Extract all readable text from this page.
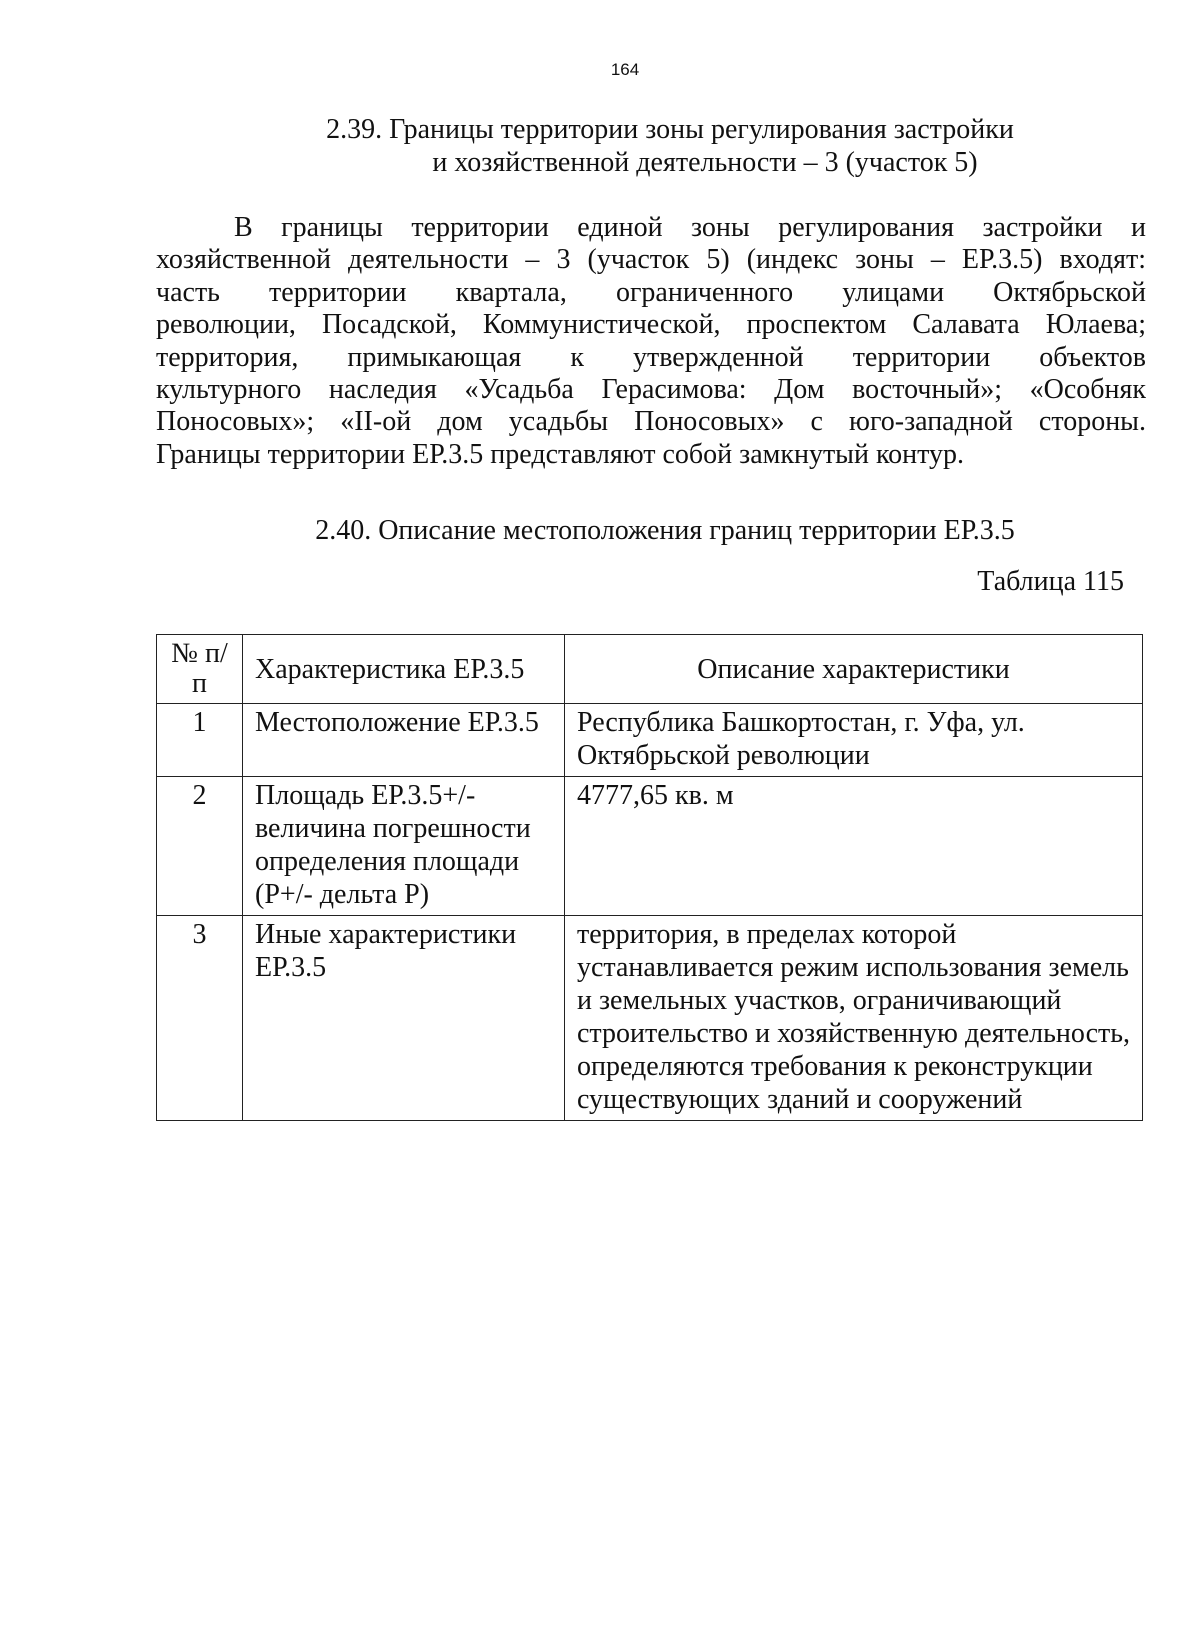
164
2.39. Границы территории зоны регулирования застройки
и хозяйственной деятельности – 3 (участок 5)
В границы территории единой зоны регулирования застройки и
хозяйственной деятельности – 3 (участок 5) (индекс зоны – ЕР.3.5) входят:
часть территории квартала, ограниченного улицами Октябрьской
революции, Посадской, Коммунистической, проспектом Салавата Юлаева;
территория, примыкающая к утвержденной территории объектов
культурного наследия «Усадьба Герасимова: Дом восточный»; «Особняк
Поносовых»; «II-ой дом усадьбы Поносовых» с юго-западной стороны.
Границы территории ЕР.3.5 представляют собой замкнутый контур.
2.40. Описание местоположения границ территории ЕР.3.5
Таблица 115
№ п/п	Характеристика ЕР.3.5	Описание характеристики
1	Местоположение ЕР.3.5	Республика Башкортостан, г. Уфа, ул. Октябрьской революции
2	Площадь ЕР.3.5+/- величина погрешности определения площади (Р+/- дельта Р)	4777,65 кв. м
3	Иные характеристики ЕР.3.5	территория, в пределах которой устанавливается режим использования земель и земельных участков, ограничивающий строительство и хозяйственную деятельность, определяются требования к реконструкции существующих зданий и сооружений
